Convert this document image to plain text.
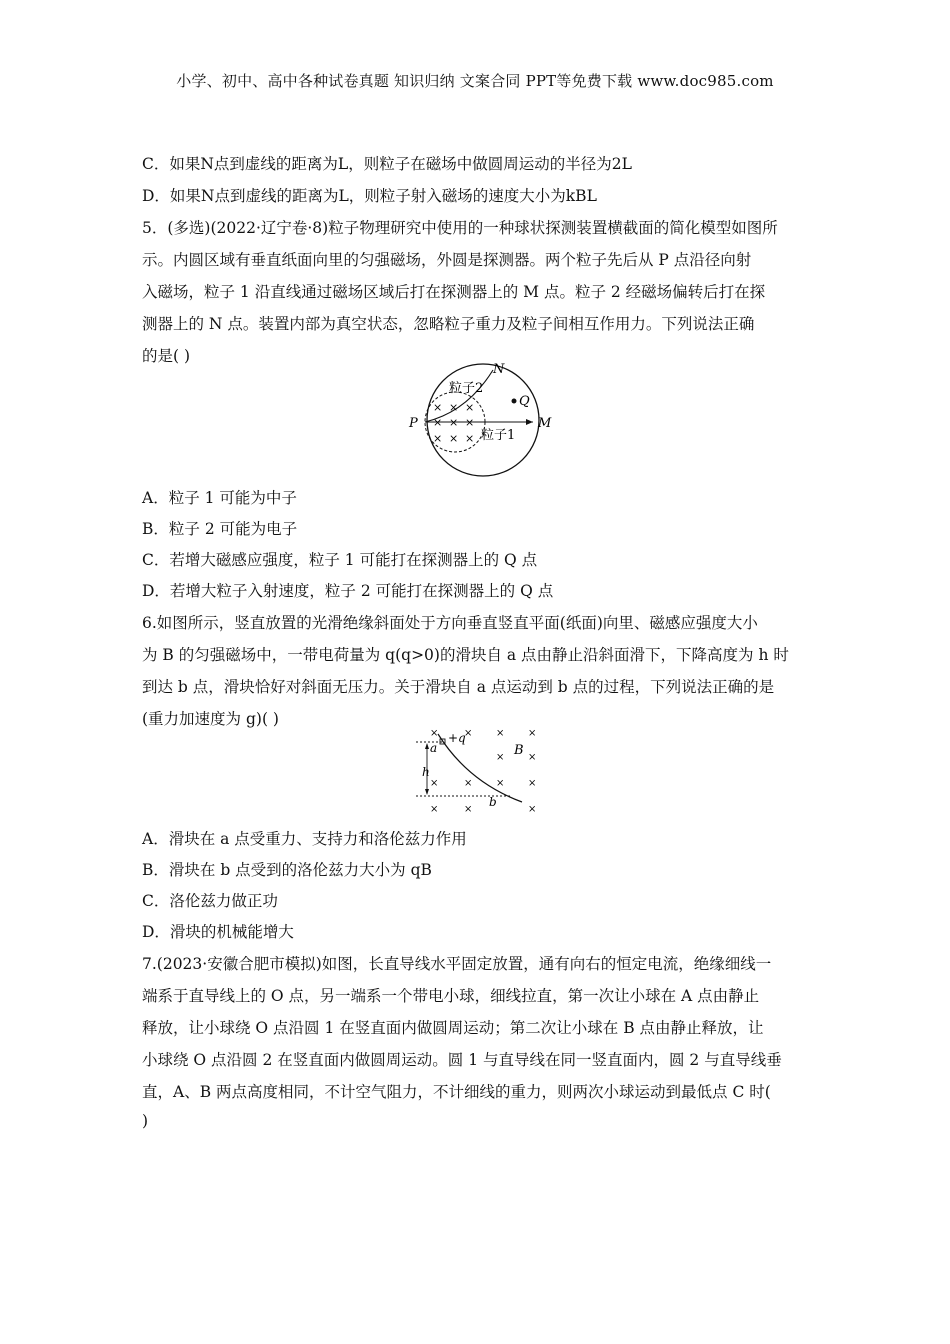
小学、初中、高中各种试卷真题 知识归纳 文案合同 PPT等免费下载 www.doc985.com
C．如果N点到虚线的距离为L，则粒子在磁场中做圆周运动的半径为2L
D．如果N点到虚线的距离为L，则粒子射入磁场的速度大小为kBL
5．(多选)(2022·辽宁卷·8)粒子物理研究中使用的一种球状探测装置横截面的简化模型如图所
示。内圆区域有垂直纸面向里的匀强磁场，外圆是探测器。两个粒子先后从 P 点沿径向射
入磁场，粒子 1 沿直线通过磁场区域后打在探测器上的 M 点。粒子 2 经磁场偏转后打在探
测器上的 N 点。装置内部为真空状态，忽略粒子重力及粒子间相互作用力。下列说法正确
的是( )
P	M
N
Q
粒子2
粒子1
× × ×
× × ×
× × ×
A．粒子 1 可能为中子
B．粒子 2 可能为电子
C．若增大磁感应强度，粒子 1 可能打在探测器上的 Q 点
D．若增大粒子入射速度，粒子 2 可能打在探测器上的 Q 点
6.如图所示，竖直放置的光滑绝缘斜面处于方向垂直竖直平面(纸面)向里、磁感应强度大小
为 B 的匀强磁场中，一带电荷量为 q(q>0)的滑块自 a 点由静止沿斜面滑下，下降高度为 h 时
到达 b 点，滑块恰好对斜面无压力。关于滑块自 a 点运动到 b 点的过程，下列说法正确的是
(重力加速度为 g)( )
a
+q
B
h
b
×	× × ×
× ×
×	× × ×
×	×	×
A．滑块在 a 点受重力、支持力和洛伦兹力作用
B．滑块在 b 点受到的洛伦兹力大小为 qB
C．洛伦兹力做正功
D．滑块的机械能增大
7.(2023·安徽合肥市模拟)如图，长直导线水平固定放置，通有向右的恒定电流，绝缘细线一
端系于直导线上的 O 点，另一端系一个带电小球，细线拉直，第一次让小球在 A 点由静止
释放，让小球绕 O 点沿圆 1 在竖直面内做圆周运动；第二次让小球在 B 点由静止释放，让
小球绕 O 点沿圆 2 在竖直面内做圆周运动。圆 1 与直导线在同一竖直面内，圆 2 与直导线垂
直，A、B 两点高度相同，不计空气阻力，不计细线的重力，则两次小球运动到最低点 C 时(
)
